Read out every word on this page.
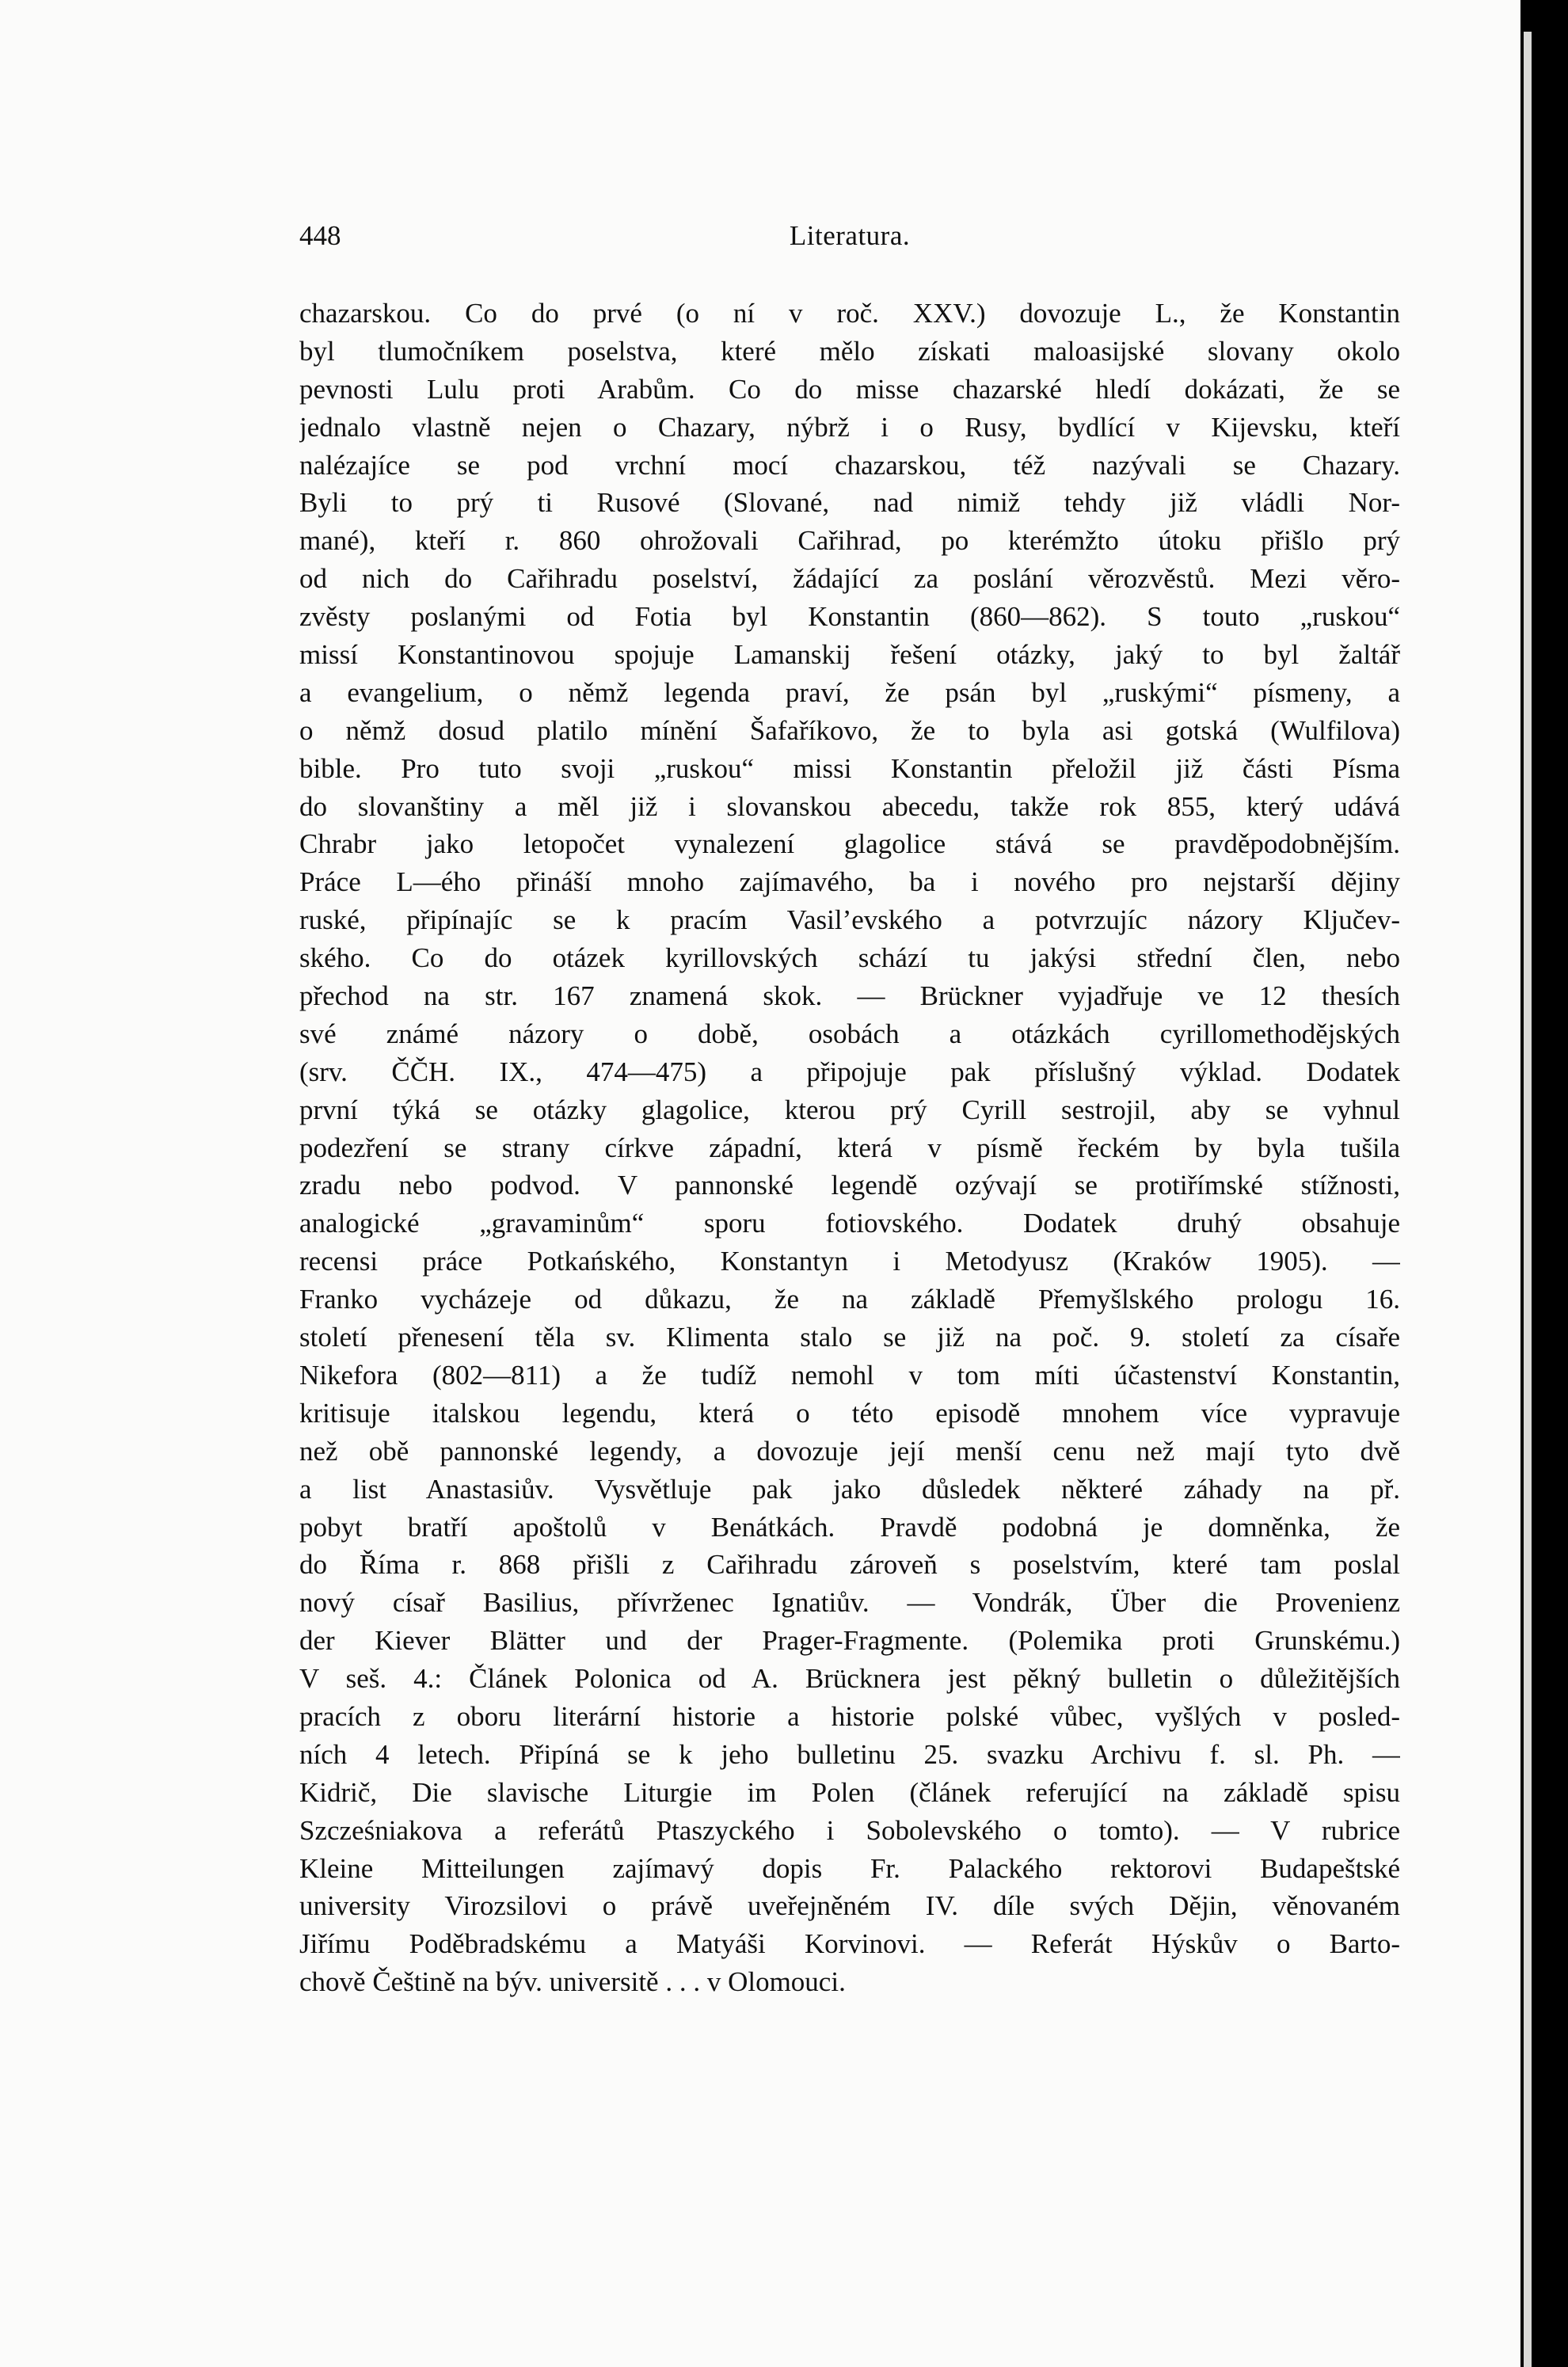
448	Literatura.
chazarskou. Co do prvé (o ní v roč. XXV.) dovozuje L., že Konstantin
byl tlumočníkem poselstva, které mělo získati maloasijské slovany okolo
pevnosti Lulu proti Arabům. Co do misse chazarské hledí dokázati, že se
jednalo vlastně nejen o Chazary, nýbrž i o Rusy, bydlící v Kijevsku, kteří
nalézajíce se pod vrchní mocí chazarskou, též nazývali se Chazary.
Byli to prý ti Rusové (Slované, nad nimiž tehdy již vládli Nor-
mané), kteří r. 860 ohrožovali Cařihrad, po kterémžto útoku přišlo prý
od nich do Cařihradu poselství, žádající za poslání věrozvěstů. Mezi věro-
zvěsty poslanými od Fotia byl Konstantin (860—862). S touto „ruskou“
missí Konstantinovou spojuje Lamanskij řešení otázky, jaký to byl žaltář
a evangelium, o němž legenda praví, že psán byl „ruskými“ písmeny, a
o němž dosud platilo mínění Šafaříkovo, že to byla asi gotská (Wulfilova)
bible. Pro tuto svoji „ruskou“ missi Konstantin přeložil již části Písma
do slovanštiny a měl již i slovanskou abecedu, takže rok 855, který udává
Chrabr jako letopočet vynalezení glagolice stává se pravděpodobnějším.
Práce L—ého přináší mnoho zajímavého, ba i nového pro nejstarší dějiny
ruské, připínajíc se k pracím Vasil’evského a potvrzujíc názory Ključev-
ského. Co do otázek kyrillovských schází tu jakýsi střední člen, nebo
přechod na str. 167 znamená skok. — Brückner vyjadřuje ve 12 thesích
své známé názory o době, osobách a otázkách cyrillomethodějských
(srv. ČČH. IX., 474—475) a připojuje pak příslušný výklad. Dodatek
první týká se otázky glagolice, kterou prý Cyrill sestrojil, aby se vyhnul
podezření se strany církve západní, která v písmě řeckém by byla tušila
zradu nebo podvod. V pannonské legendě ozývají se protiřímské stížnosti,
analogické „gravaminům“ sporu fotiovského. Dodatek druhý obsahuje
recensi práce Potkańského, Konstantyn i Metodyusz (Kraków 1905). —
Franko vycházeje od důkazu, že na základě Přemyšlského prologu 16.
století přenesení těla sv. Klimenta stalo se již na poč. 9. století za císaře
Nikefora (802—811) a že tudíž nemohl v tom míti účastenství Konstantin,
kritisuje italskou legendu, která o této episodě mnohem více vypravuje
než obě pannonské legendy, a dovozuje její menší cenu než mají tyto dvě
a list Anastasiův. Vysvětluje pak jako důsledek některé záhady na př.
pobyt bratří apoštolů v Benátkách. Pravdě podobná je domněnka, že
do Říma r. 868 přišli z Cařihradu zároveň s poselstvím, které tam poslal
nový císař Basilius, přívrženec Ignatiův. — Vondrák, Über die Provenienz
der Kiever Blätter und der Prager-Fragmente. (Polemika proti Grunskému.)
V seš. 4.: Článek Polonica od A. Brücknera jest pěkný bulletin o důležitějších
pracích z oboru literární historie a historie polské vůbec, vyšlých v posled-
ních 4 letech. Připíná se k jeho bulletinu 25. svazku Archivu f. sl. Ph. —
Kidrič, Die slavische Liturgie im Polen (článek referující na základě spisu
Szcześniakova a referátů Ptaszyckého i Sobolevského o tomto). — V rubrice
Kleine Mitteilungen zajímavý dopis Fr. Palackého rektorovi Budapeštské
university Virozsilovi o právě uveřejněném IV. díle svých Dějin, věnovaném
Jiřímu Poděbradskému a Matyáši Korvinovi. — Referát Hýskův o Barto-
chově Češtině na býv. universitě . . . v Olomouci.
